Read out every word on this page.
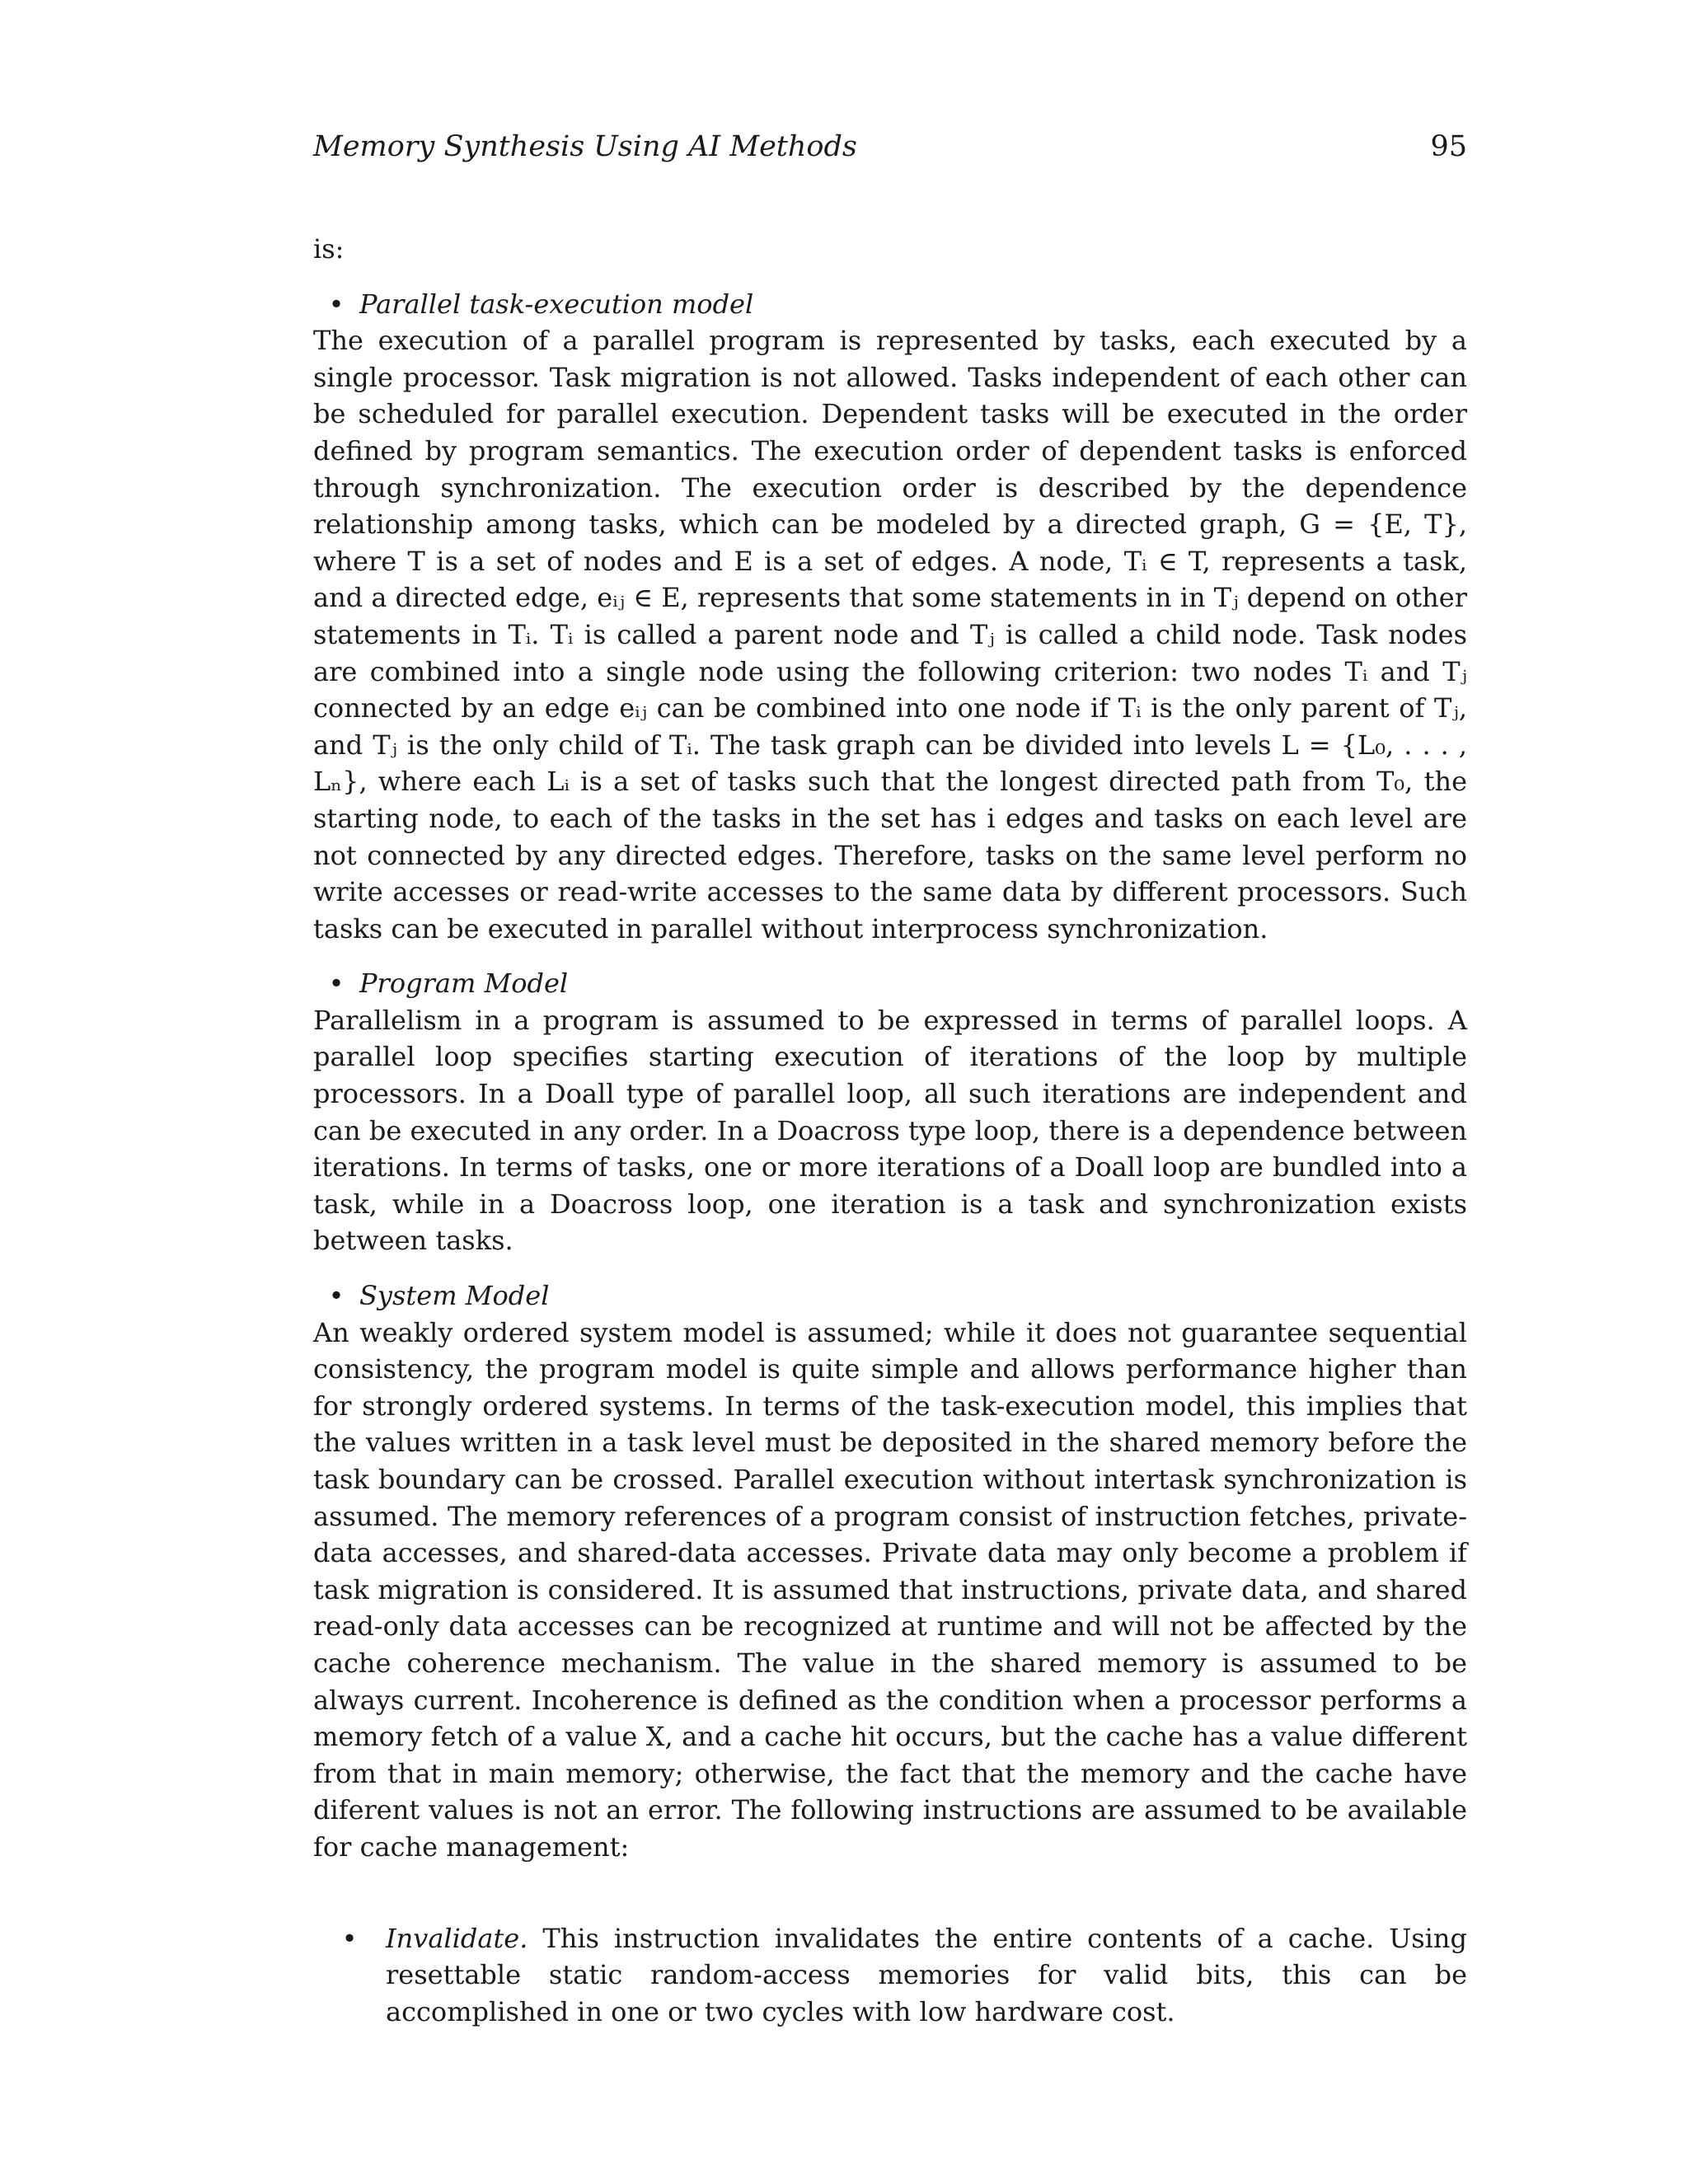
Memory Synthesis Using AI Methods	95

is:

• Parallel task-execution model

The execution of a parallel program is represented by tasks, each executed by a single processor. Task migration is not allowed. Tasks independent of each other can be scheduled for parallel execution. Dependent tasks will be executed in the order defined by program semantics. The execution order of dependent tasks is enforced through synchronization. The execution order is described by the dependence relationship among tasks, which can be modeled by a directed graph, G = {E, T}, where T is a set of nodes and E is a set of edges. A node, Tᵢ ∈ T, represents a task, and a directed edge, eᵢⱼ ∈ E, represents that some statements in in Tⱼ depend on other statements in Tᵢ. Tᵢ is called a parent node and Tⱼ is called a child node. Task nodes are combined into a single node using the following criterion: two nodes Tᵢ and Tⱼ connected by an edge eᵢⱼ can be combined into one node if Tᵢ is the only parent of Tⱼ, and Tⱼ is the only child of Tᵢ. The task graph can be divided into levels L = {L₀, . . . , Lₙ}, where each Lᵢ is a set of tasks such that the longest directed path from T₀, the starting node, to each of the tasks in the set has i edges and tasks on each level are not connected by any directed edges. Therefore, tasks on the same level perform no write accesses or read-write accesses to the same data by different processors. Such tasks can be executed in parallel without interprocess synchronization.

• Program Model

Parallelism in a program is assumed to be expressed in terms of parallel loops. A parallel loop specifies starting execution of iterations of the loop by multiple processors. In a Doall type of parallel loop, all such iterations are independent and can be executed in any order. In a Doacross type loop, there is a dependence between iterations. In terms of tasks, one or more iterations of a Doall loop are bundled into a task, while in a Doacross loop, one iteration is a task and synchronization exists between tasks.

• System Model

An weakly ordered system model is assumed; while it does not guarantee sequential consistency, the program model is quite simple and allows performance higher than for strongly ordered systems. In terms of the task-execution model, this implies that the values written in a task level must be deposited in the shared memory before the task boundary can be crossed. Parallel execution without intertask synchronization is assumed. The memory references of a program consist of instruction fetches, private-data accesses, and shared-data accesses. Private data may only become a problem if task migration is considered. It is assumed that instructions, private data, and shared read-only data accesses can be recognized at runtime and will not be affected by the cache coherence mechanism. The value in the shared memory is assumed to be always current. Incoherence is defined as the condition when a processor performs a memory fetch of a value X, and a cache hit occurs, but the cache has a value different from that in main memory; otherwise, the fact that the memory and the cache have diferent values is not an error. The following instructions are assumed to be available for cache management:

•	Invalidate. This instruction invalidates the entire contents of a cache. Using resettable static random-access memories for valid bits, this can be accomplished in one or two cycles with low hardware cost.
